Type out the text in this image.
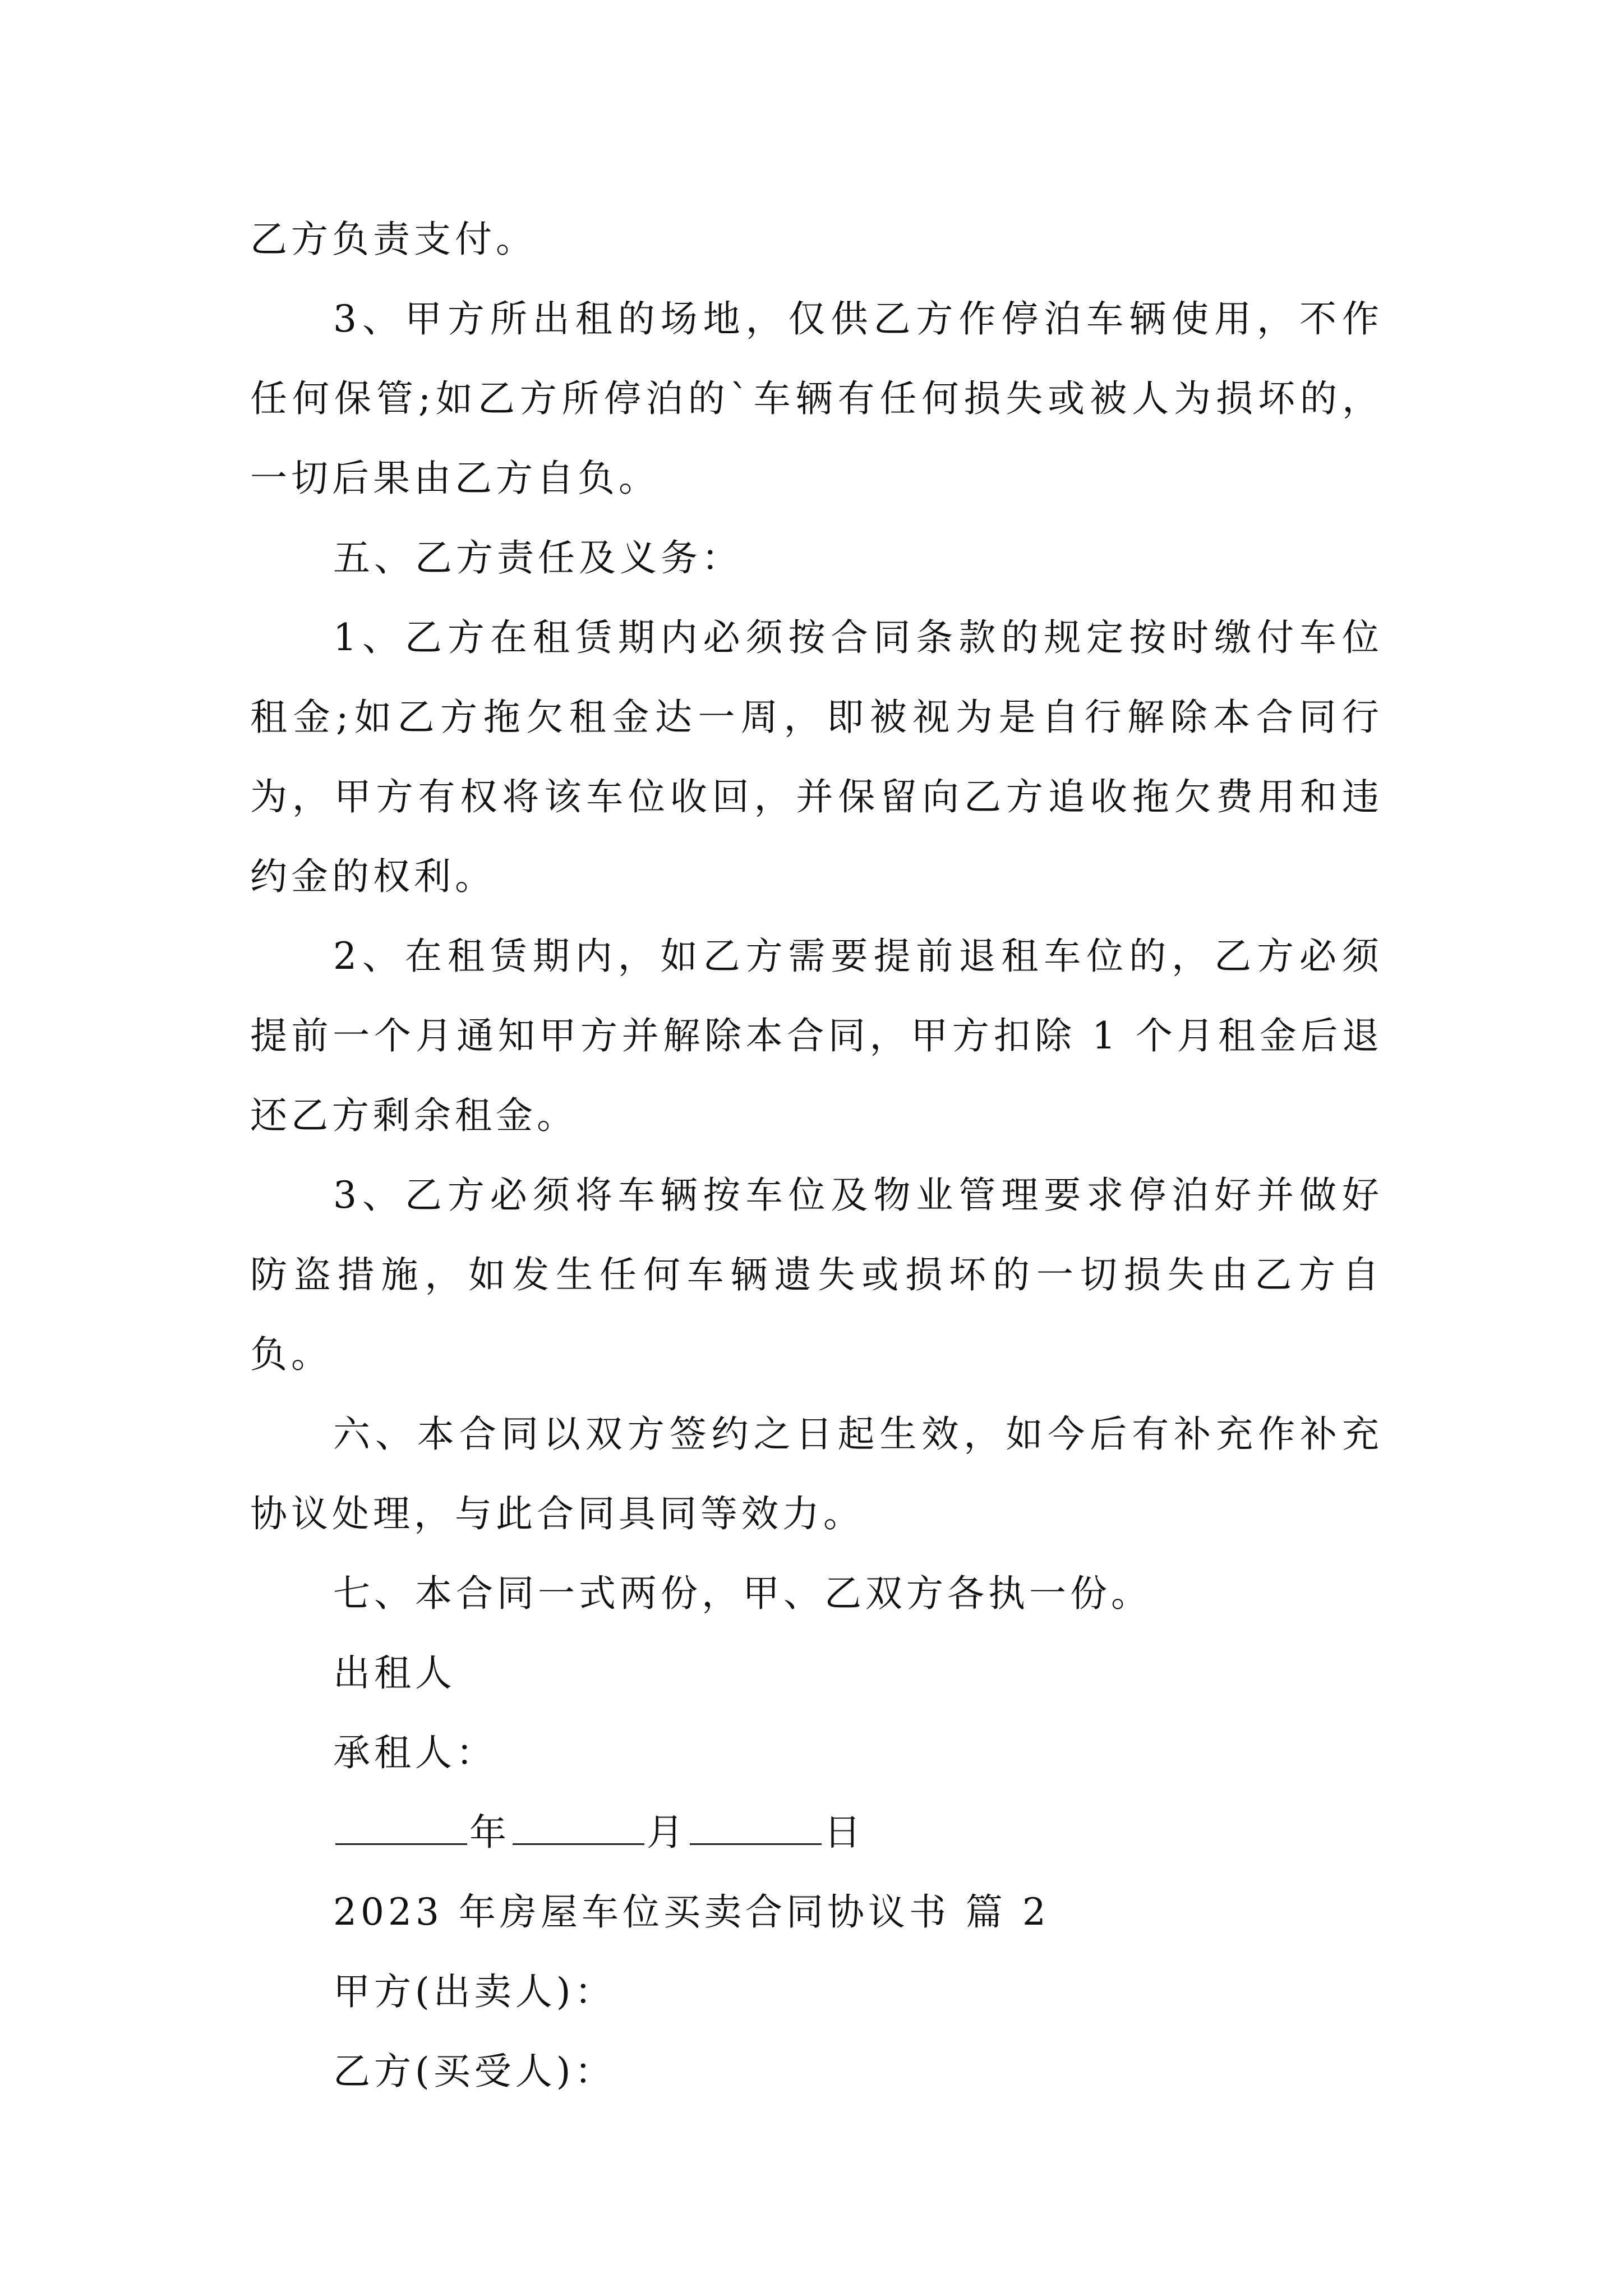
乙方负责支付。

3、甲方所出租的场地，仅供乙方作停泊车辆使用，不作任何保管;如乙方所停泊的`车辆有任何损失或被人为损坏的，一切后果由乙方自负。

五、乙方责任及义务：

1、乙方在租赁期内必须按合同条款的规定按时缴付车位租金;如乙方拖欠租金达一周，即被视为是自行解除本合同行为，甲方有权将该车位收回，并保留向乙方追收拖欠费用和违约金的权利。

2、在租赁期内，如乙方需要提前退租车位的，乙方必须提前一个月通知甲方并解除本合同，甲方扣除 1 个月租金后退还乙方剩余租金。

3、乙方必须将车辆按车位及物业管理要求停泊好并做好防盗措施，如发生任何车辆遗失或损坏的一切损失由乙方自负。

六、本合同以双方签约之日起生效，如今后有补充作补充协议处理，与此合同具同等效力。

七、本合同一式两份，甲、乙双方各执一份。

出租人

承租人：

年	月	日

2023 年房屋车位买卖合同协议书 篇 2

甲方(出卖人)：

乙方(买受人)：
